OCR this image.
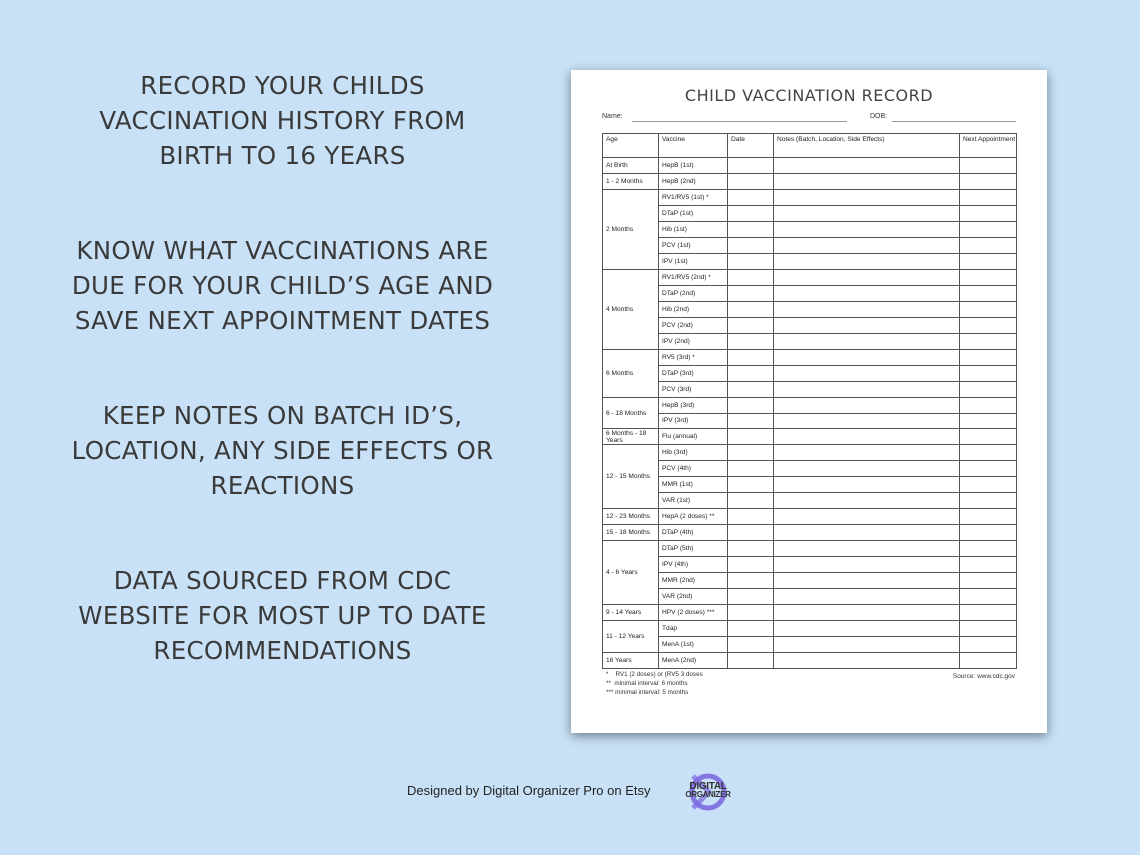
RECORD YOUR CHILDS
VACCINATION HISTORY FROM
BIRTH TO 16 YEARS
KNOW WHAT VACCINATIONS ARE
DUE FOR YOUR CHILD’S AGE AND
SAVE NEXT APPOINTMENT DATES
KEEP NOTES ON BATCH ID’S,
LOCATION, ANY SIDE EFFECTS OR
REACTIONS
DATA SOURCED FROM CDC
WEBSITE FOR MOST UP TO DATE
RECOMMENDATIONS
CHILD VACCINATION RECORD
Name:	DOB:
Age	Vaccine	Date	Notes (Batch, Location, Side Effects)	Next Appointment
At Birth	HepB (1st)			
1 - 2 Months	HepB (2nd)			
2 Months	RV1/RV5 (1st) *			
	DTaP (1st)			
	Hib (1st)			
	PCV (1st)			
	IPV (1st)			
4 Months	RV1/RV5 (2nd) *			
	DTaP (2nd)			
	Hib (2nd)			
	PCV (2nd)			
	IPV (2nd)			
6 Months	RV5 (3rd) *			
	DTaP (3rd)			
	PCV (3rd)			
6 - 18 Months	HepB (3rd)			
	IPV (3rd)			
6 Months - 18 Years	Flu (annual)			
12 - 15 Months	Hib (3rd)			
	PCV (4th)			
	MMR (1st)			
	VAR (1st)			
12 - 23 Months	HepA (2 doses) **			
15 - 18 Months	DTaP (4th)			
4 - 6 Years	DTaP (5th)			
	IPV (4th)			
	MMR (2nd)			
	VAR (2nd)			
9 - 14 Years	HPV (2 doses) ***			
11 - 12 Years	Tdap			
	MenA (1st)			
16 Years	MenA (2nd)			
*    RV1 (2 doses) or (RV5 3 doses
**  minimal interval: 6 months
*** minimal interval: 5 months
Source: www.cdc.gov
Designed by Digital Organizer Pro on Etsy	DIGITAL
ORGANIZER
